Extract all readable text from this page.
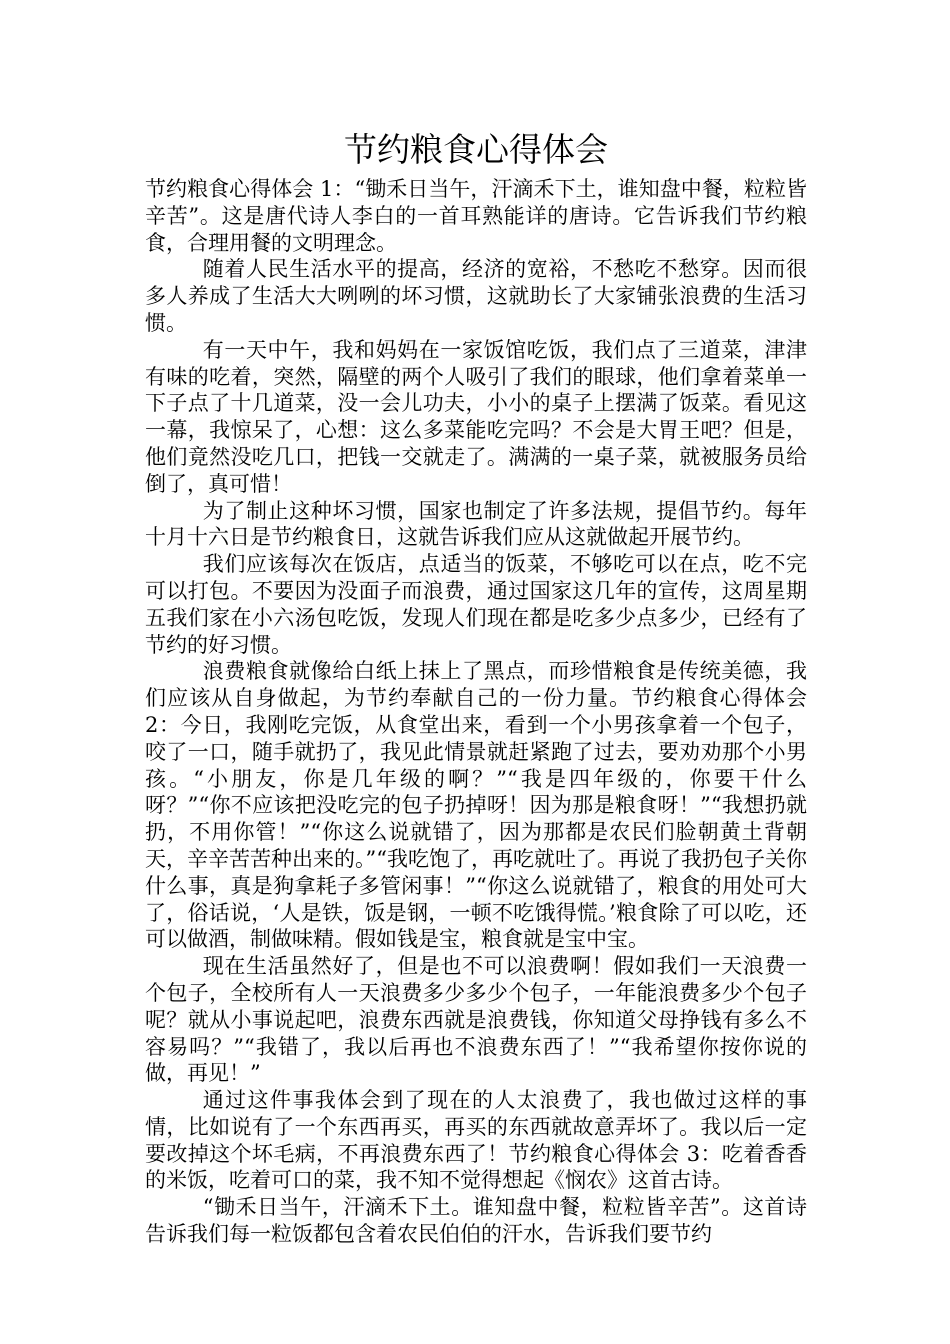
节约粮食心得体会

节约粮食心得体会 1：“锄禾日当午，汗滴禾下土，谁知盘中餐，粒粒皆辛苦”。这是唐代诗人李白的一首耳熟能详的唐诗。它告诉我们节约粮食，合理用餐的文明理念。

随着人民生活水平的提高，经济的宽裕，不愁吃不愁穿。因而很多人养成了生活大大咧咧的坏习惯，这就助长了大家铺张浪费的生活习惯。

有一天中午，我和妈妈在一家饭馆吃饭，我们点了三道菜，津津有味的吃着，突然，隔壁的两个人吸引了我们的眼球，他们拿着菜单一下子点了十几道菜，没一会儿功夫，小小的桌子上摆满了饭菜。看见这一幕，我惊呆了，心想：这么多菜能吃完吗？不会是大胃王吧？但是，他们竟然没吃几口，把钱一交就走了。满满的一桌子菜，就被服务员给倒了，真可惜！

为了制止这种坏习惯，国家也制定了许多法规，提倡节约。每年十月十六日是节约粮食日，这就告诉我们应从这就做起开展节约。

我们应该每次在饭店，点适当的饭菜，不够吃可以在点，吃不完可以打包。不要因为没面子而浪费，通过国家这几年的宣传，这周星期五我们家在小六汤包吃饭，发现人们现在都是吃多少点多少，已经有了节约的好习惯。

浪费粮食就像给白纸上抹上了黑点，而珍惜粮食是传统美德，我们应该从自身做起，为节约奉献自己的一份力量。节约粮食心得体会 2：今日，我刚吃完饭，从食堂出来，看到一个小男孩拿着一个包子，咬了一口，随手就扔了，我见此情景就赶紧跑了过去，要劝劝那个小男孩。“小朋友，你是几年级的啊？”“我是四年级的，你要干什么呀？”“你不应该把没吃完的包子扔掉呀！因为那是粮食呀！”“我想扔就扔，不用你管！”“你这么说就错了，因为那都是农民们脸朝黄土背朝天，辛辛苦苦种出来的。”“我吃饱了，再吃就吐了。再说了我扔包子关你什么事，真是狗拿耗子多管闲事！”“你这么说就错了，粮食的用处可大了，俗话说，‘人是铁，饭是钢，一顿不吃饿得慌。’粮食除了可以吃，还可以做酒，制做味精。假如钱是宝，粮食就是宝中宝。

现在生活虽然好了，但是也不可以浪费啊！假如我们一天浪费一个包子，全校所有人一天浪费多少多少个包子，一年能浪费多少个包子呢？就从小事说起吧，浪费东西就是浪费钱，你知道父母挣钱有多么不容易吗？”“我错了，我以后再也不浪费东西了！”“我希望你按你说的做，再见！”

通过这件事我体会到了现在的人太浪费了，我也做过这样的事情，比如说有了一个东西再买，再买的东西就故意弄坏了。我以后一定要改掉这个坏毛病，不再浪费东西了！节约粮食心得体会 3：吃着香香的米饭，吃着可口的菜，我不知不觉得想起《悯农》这首古诗。

“锄禾日当午，汗滴禾下土。谁知盘中餐，粒粒皆辛苦”。这首诗告诉我们每一粒饭都包含着农民伯伯的汗水，告诉我们要节约
